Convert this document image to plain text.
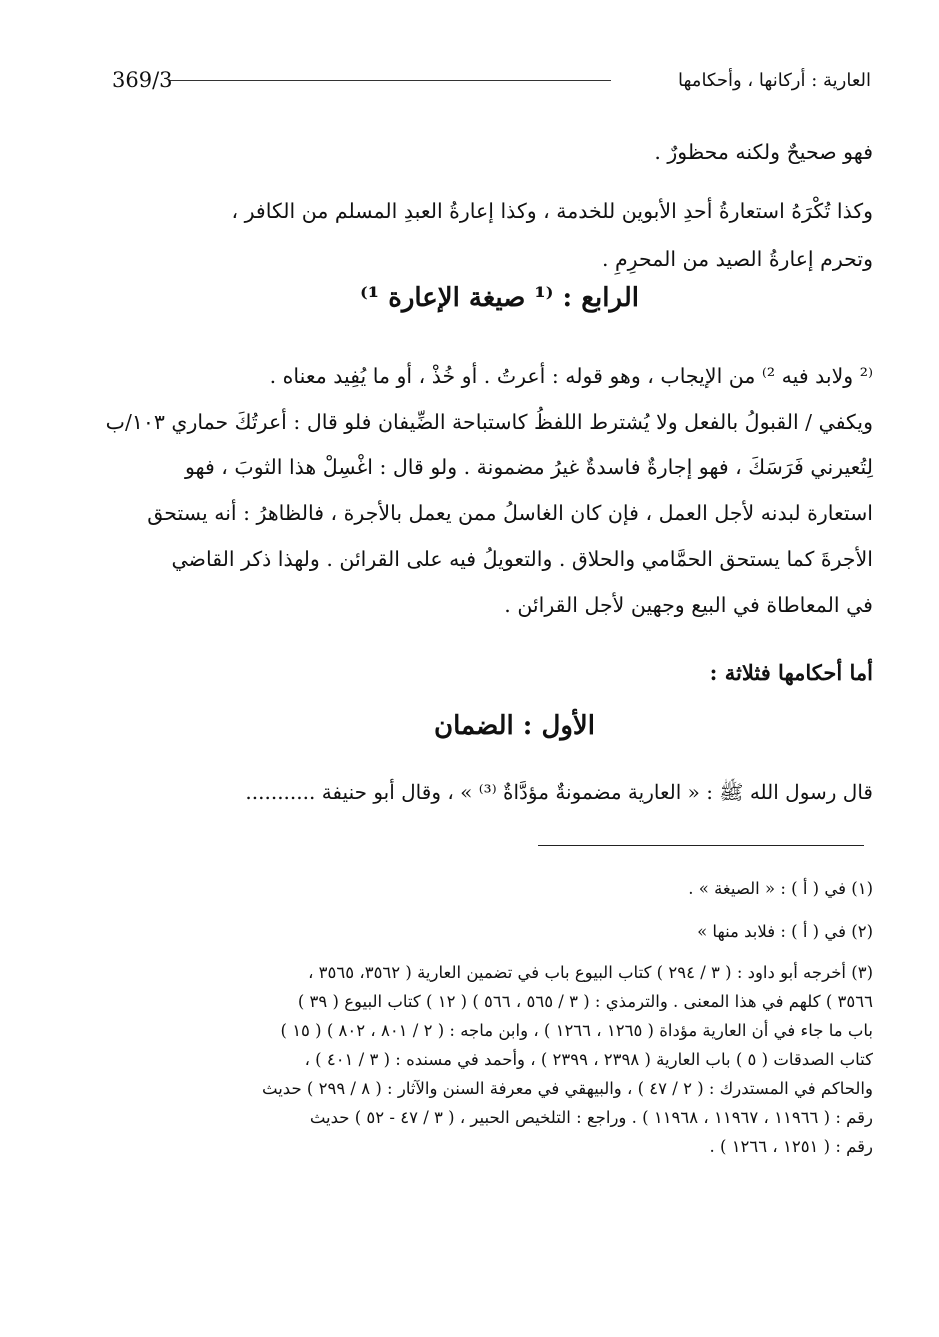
369/3	العارية : أركانها ، وأحكامها
فهو صحيحٌ ولكنه محظورٌ .
وكذا تُكْرَهُ استعارةُ أحدِ الأبوين للخدمة ، وكذا إعارةُ العبدِ المسلم من الكافر ،
وتحرم إعارةُ الصيد من المحرِمِ .
الرابع : ⁽¹ صيغة الإعارة ¹⁾
⁽² ولابد فيه ²⁾ من الإيجاب ، وهو قوله : أعرتُ . أو خُذْ ، أو ما يُفِيد معناه .
ويكفي / القبولُ بالفعل ولا يُشترط اللفظُ كاستباحة الضِّيفان فلو قال : أعرتُكَ حماري ١٠٣/ب
لِتُعيرني فَرَسَكَ ، فهو إجارةٌ فاسدةٌ غيرُ مضمونة . ولو قال : اغْسِلْ هذا الثوبَ ، فهو
استعارة لبدنه لأجل العمل ، فإن كان الغاسلُ ممن يعمل بالأجرة ، فالظاهرُ : أنه يستحق
الأجرةَ كما يستحق الحمَّامي والحلاق . والتعويلُ فيه على القرائن . ولهذا ذكر القاضي
في المعاطاة في البيع وجهين لأجل القرائن .
أما أحكامها فثلاثة :
الأول : الضمان
قال رسول الله ﷺ : « العارية مضمونةٌ مؤدَّاةٌ ⁽³⁾ » ، وقال أبو حنيفة ...........
(١) في ( أ ) : « الصيغة » .
(٢) في ( أ ) : فلابد منها »
(٣) أخرجه أبو داود : ( ٣ / ٢٩٤ ) كتاب البيوع باب في تضمين العارية ( ٣٥٦٢، ٣٥٦٥ ،
٣٥٦٦ ) كلهم في هذا المعنى . والترمذي : ( ٣ / ٥٦٥ ، ٥٦٦ ) ( ١٢ ) كتاب البيوع ( ٣٩ )
باب ما جاء في أن العارية مؤداة ( ١٢٦٥ ، ١٢٦٦ ) ، وابن ماجه : ( ٢ / ٨٠١ ، ٨٠٢ ) ( ١٥ )
كتاب الصدقات ( ٥ ) باب العارية ( ٢٣٩٨ ، ٢٣٩٩ ) ، وأحمد في مسنده : ( ٣ / ٤٠١ ) ،
والحاكم في المستدرك : ( ٢ / ٤٧ ) ، والبيهقي في معرفة السنن والآثار : ( ٨ / ٢٩٩ ) حديث
رقم : ( ١١٩٦٦ ، ١١٩٦٧ ، ١١٩٦٨ ) . وراجع : التلخيص الحبير ، ( ٣ / ٤٧ - ٥٢ ) حديث
رقم : ( ١٢٥١ ، ١٢٦٦ ) .
